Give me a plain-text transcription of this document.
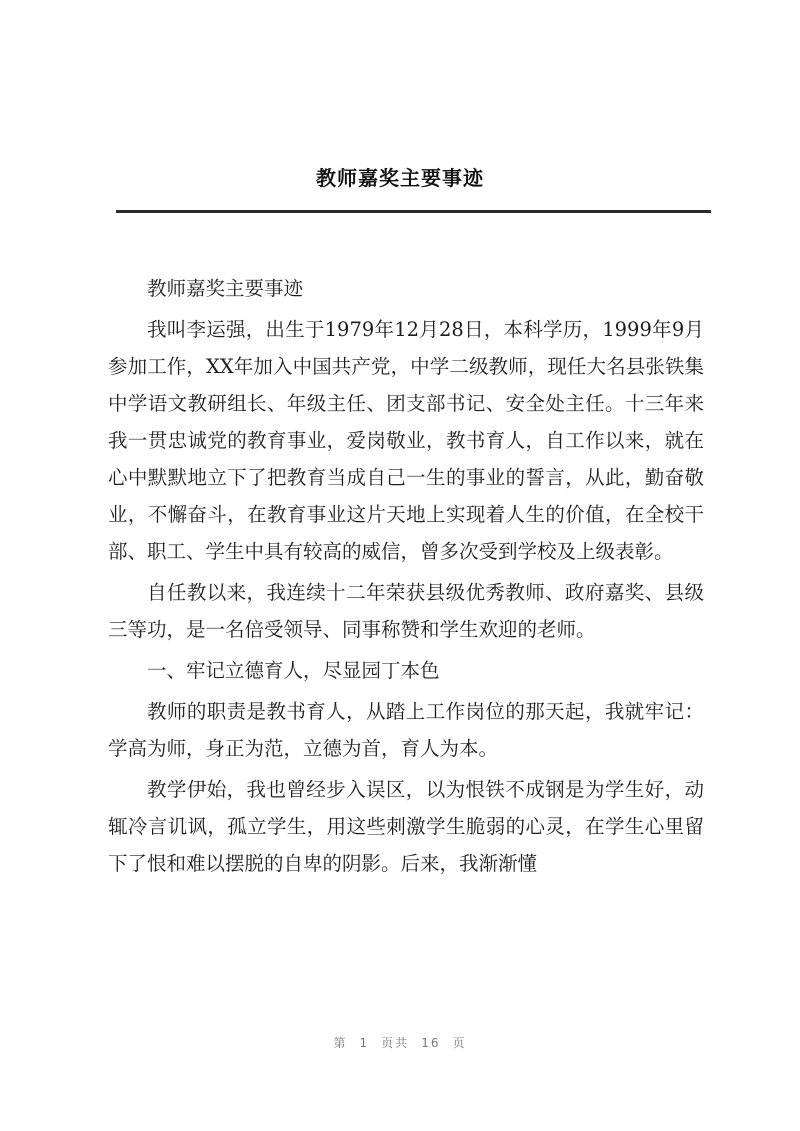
教师嘉奖主要事迹

教师嘉奖主要事迹

我叫李运强，出生于1979年12月28日，本科学历，1999年9月参加工作，XX年加入中国共产党，中学二级教师，现任大名县张铁集中学语文教研组长、年级主任、团支部书记、安全处主任。十三年来我一贯忠诚党的教育事业，爱岗敬业，教书育人，自工作以来，就在心中默默地立下了把教育当成自己一生的事业的誓言，从此，勤奋敬业，不懈奋斗，在教育事业这片天地上实现着人生的价值，在全校干部、职工、学生中具有较高的威信，曾多次受到学校及上级表彰。

自任教以来，我连续十二年荣获县级优秀教师、政府嘉奖、县级三等功，是一名倍受领导、同事称赞和学生欢迎的老师。

一、牢记立德育人，尽显园丁本色

教师的职责是教书育人，从踏上工作岗位的那天起，我就牢记：学高为师，身正为范，立德为首，育人为本。

教学伊始，我也曾经步入误区，以为恨铁不成钢是为学生好，动辄冷言讥讽，孤立学生，用这些刺激学生脆弱的心灵，在学生心里留下了恨和难以摆脱的自卑的阴影。后来，我渐渐懂

第 1 页共 16 页
